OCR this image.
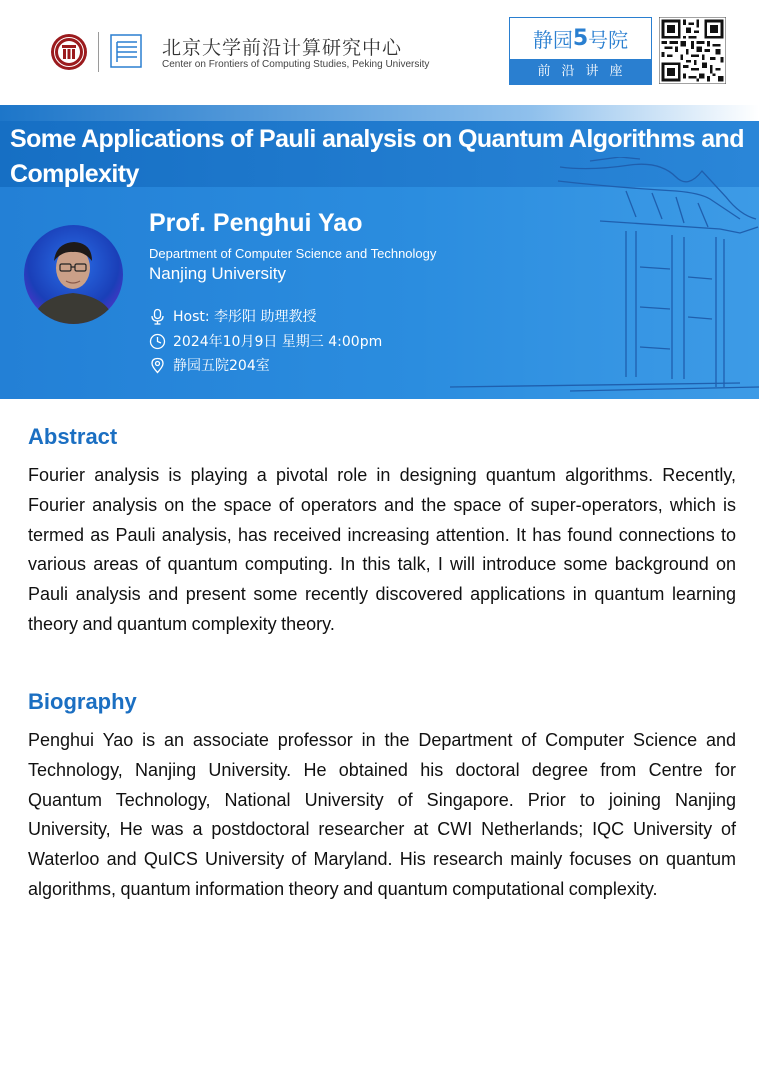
北京大学前沿计算研究中心
Center on Frontiers of Computing Studies, Peking University
静园 5 号院
前沿讲座
Some Applications of Pauli analysis on Quantum Algorithms and Complexity
Prof. Penghui Yao
Department of Computer Science and Technology
Nanjing University
Host: 李彤阳 助理教授
2024年10月9日 星期三 4:00pm
静园五院204室
Abstract
Fourier analysis is playing a pivotal role in designing quantum algorithms. Recently, Fourier analysis on the space of operators and the space of super-operators, which is termed as Pauli analysis, has received increasing attention. It has found connections to various areas of quantum computing. In this talk, I will introduce some background on Pauli analysis and present some recently discovered applications in quantum learning theory and quantum complexity theory.
Biography
Penghui Yao is an associate professor in the Department of Computer Science and Technology, Nanjing University. He obtained his doctoral degree from Centre for Quantum Technology, National University of Singapore. Prior to joining Nanjing University, He was a postdoctoral researcher at CWI Netherlands; IQC University of Waterloo and QuICS University of Maryland. His research mainly focuses on quantum algorithms, quantum information theory and quantum computational complexity.
